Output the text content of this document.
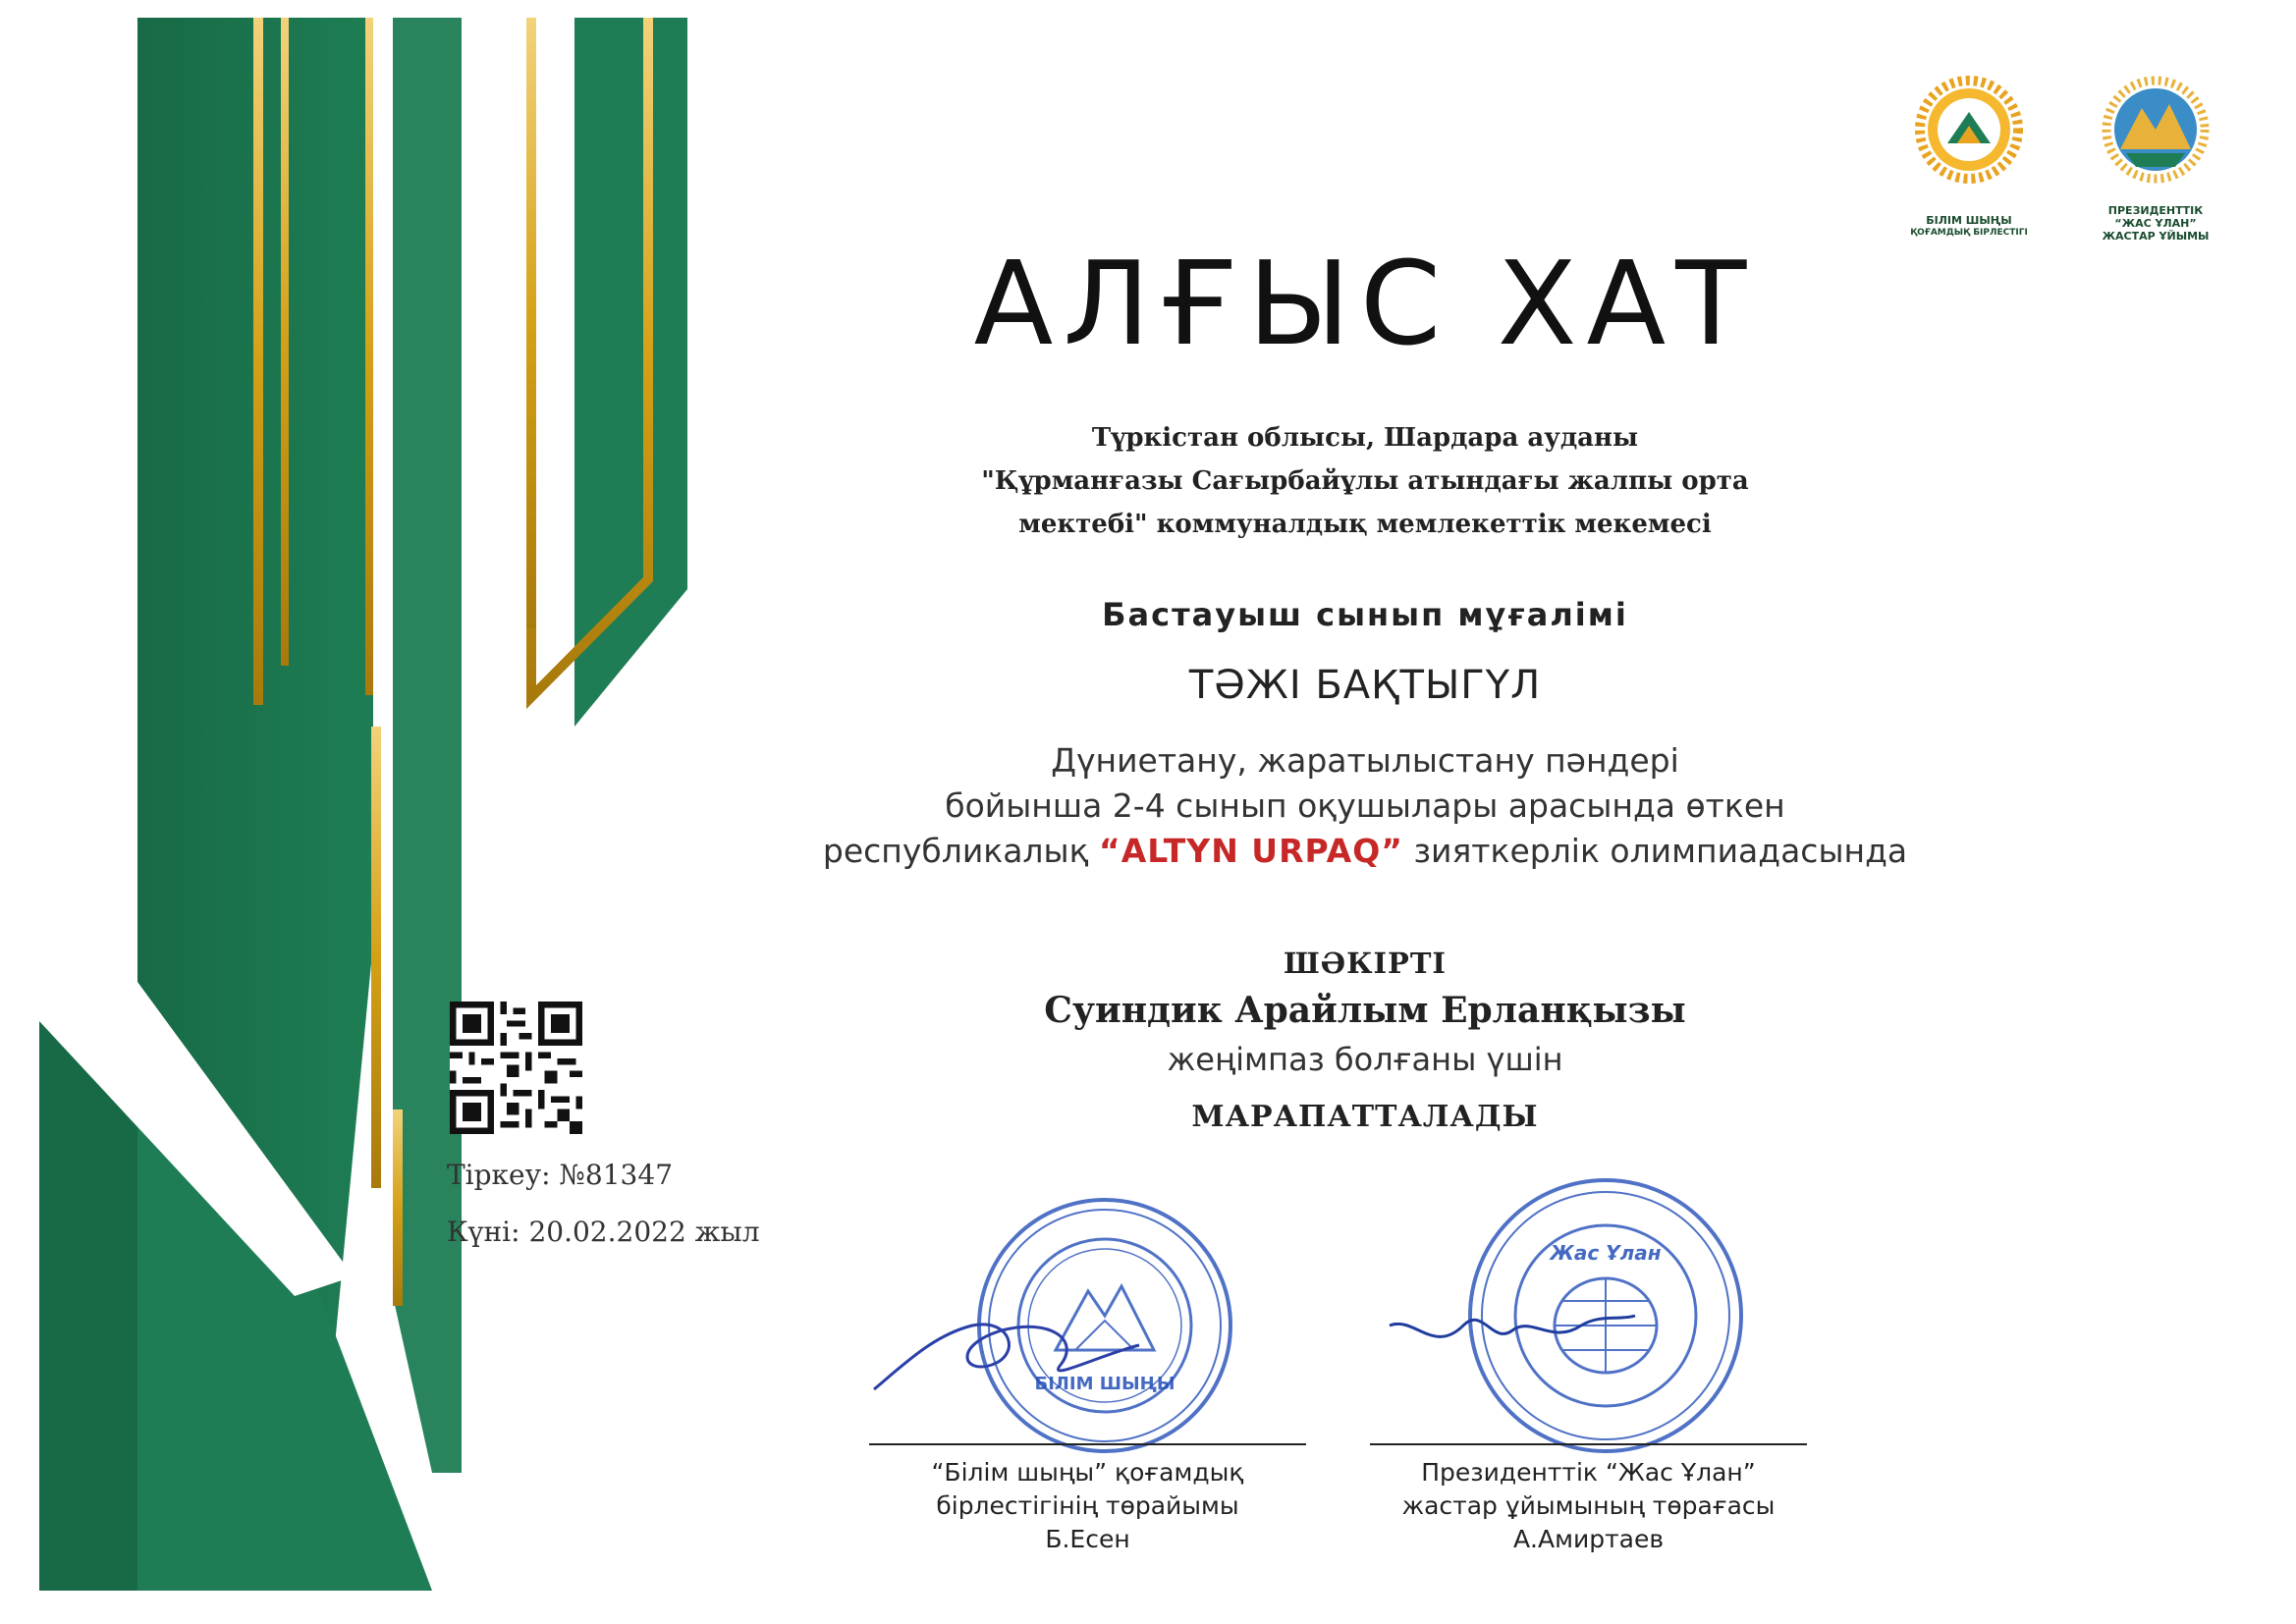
БІЛІМ ШЫҢЫ
ҚОҒАМДЫҚ БІРЛЕСТІГІ
ПРЕЗИДЕНТТІК
“ЖАС ҰЛАН”
ЖАСТАР ҰЙЫМЫ
АЛҒЫС ХАТ
Түркістан облысы, Шардара ауданы
"Құрманғазы Сағырбайұлы атындағы жалпы орта
мектебі" коммуналдық мемлекеттік мекемесі
Бастауыш сынып мұғалімі
ТӘЖІ БАҚТЫГҮЛ
Дүниетану, жаратылыстану пәндері
бойынша 2-4 сынып оқушылары арасында өткен
республикалық “ALTYN URPAQ” зияткерлік олимпиадасында
ШӘКІРТІ
Суиндик Арайлым Ерланқызы
жеңімпаз болғаны үшін
МАРАПАТТАЛАДЫ
Тіркеу: №81347
Күні: 20.02.2022 жыл
БІЛІМ ШЫҢЫ
Жас Ұлан
“Білім шыңы” қоғамдық
бірлестігінің төрайымы
Б.Есен
Президенттік “Жас Ұлан”
жастар ұйымының төрағасы
А.Амиртаев
